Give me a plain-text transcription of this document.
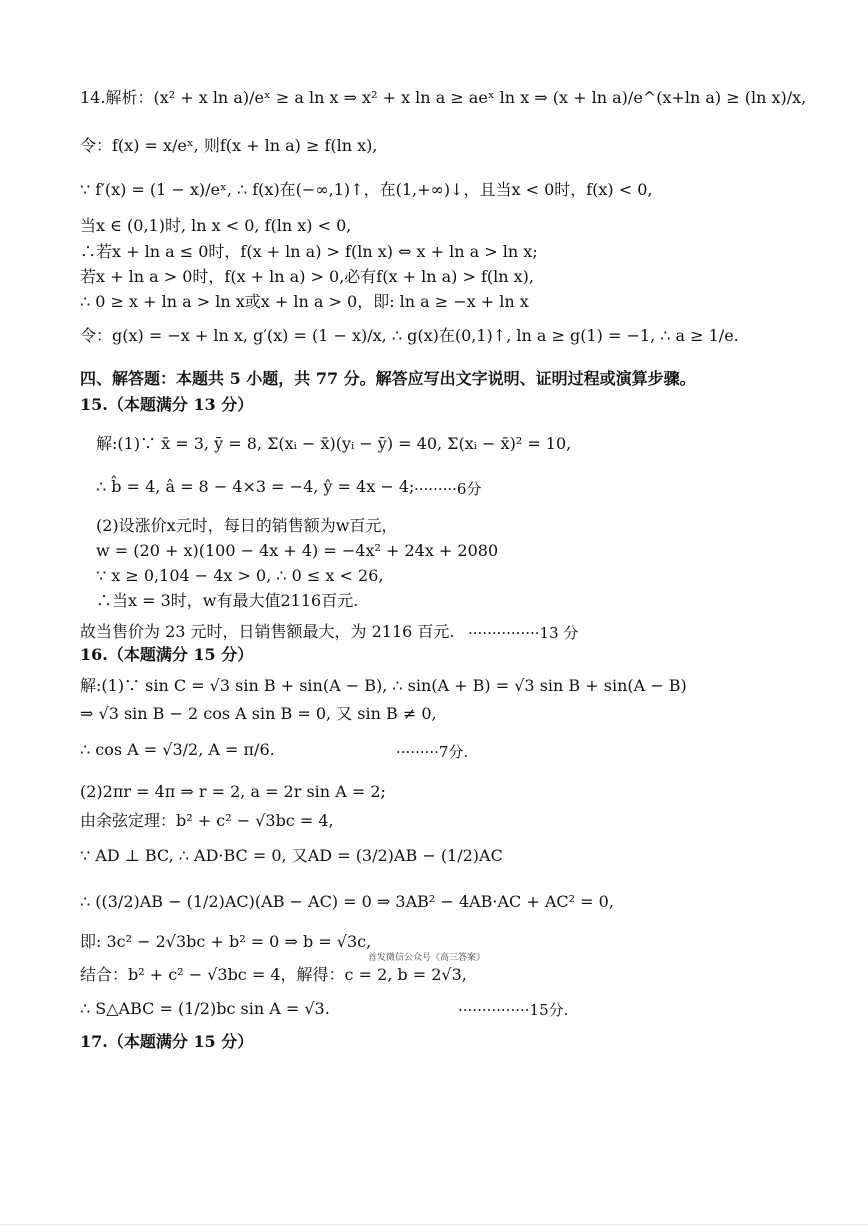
14.解析：(x² + x ln a)/eˣ ≥ a ln x ⇒ x² + x ln a ≥ aeˣ ln x ⇒ (x + ln a)/e^(x+ln a) ≥ (ln x)/x,
令：f(x) = x/eˣ, 则f(x + ln a) ≥ f(ln x),
∵ f′(x) = (1 − x)/eˣ, ∴ f(x)在(−∞,1)↑，在(1,+∞)↓，且当x < 0时，f(x) < 0,
当x ∈ (0,1)时, ln x < 0, f(ln x) < 0,
∴若x + ln a ≤ 0时，f(x + ln a) > f(ln x) ⇔ x + ln a > ln x;
若x + ln a > 0时，f(x + ln a) > 0,必有f(x + ln a) > f(ln x),
∴ 0 ≥ x + ln a > ln x或x + ln a > 0，即: ln a ≥ −x + ln x
令：g(x) = −x + ln x, g′(x) = (1 − x)/x, ∴ g(x)在(0,1)↑, ln a ≥ g(1) = −1, ∴ a ≥ 1/e.
四、解答题：本题共 5 小题，共 77 分。解答应写出文字说明、证明过程或演算步骤。
15.（本题满分 13 分）
解:(1)∵ x̄ = 3, ȳ = 8, Σ(xᵢ − x̄)(yᵢ − ȳ) = 40, Σ(xᵢ − x̄)² = 10,
∴ b̂ = 4, â = 8 − 4×3 = −4, ŷ = 4x − 4; ·········6分
(2)设涨价x元时，每日的销售额为w百元，
w = (20 + x)(100 − 4x + 4) = −4x² + 24x + 2080
∵ x ≥ 0,104 − 4x > 0, ∴ 0 ≤ x < 26,
∴当x = 3时，w有最大值2116百元.
故当售价为 23 元时，日销售额最大，为 2116 百元. ···············13 分
16.（本题满分 15 分）
解:(1)∵ sin C = √3 sin B + sin(A − B), ∴ sin(A + B) = √3 sin B + sin(A − B)
⇒ √3 sin B − 2 cos A sin B = 0, 又 sin B ≠ 0,
∴ cos A = √3/2, A = π/6.	·········7分.
(2)2πr = 4π ⇒ r = 2, a = 2r sin A = 2;
由余弦定理：b² + c² − √3bc = 4,
∵ AD ⊥ BC, ∴ AD·BC = 0, 又AD = (3/2)AB − (1/2)AC
∴ ((3/2)AB − (1/2)AC)(AB − AC) = 0 ⇒ 3AB² − 4AB·AC + AC² = 0,
即: 3c² − 2√3bc + b² = 0 ⇒ b = √3c,
首发微信公众号《高三答案》
结合：b² + c² − √3bc = 4，解得：c = 2, b = 2√3,
∴ S△ABC = (1/2)bc sin A = √3.	···············15分.
17.（本题满分 15 分）
